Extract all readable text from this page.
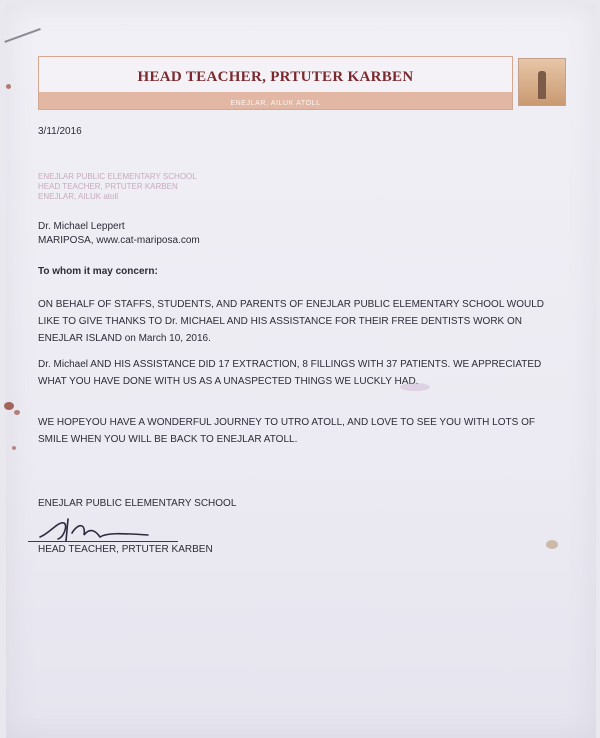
HEAD TEACHER, PRTUTER KARBEN
ENEJLAR, AILUK ATOLL
3/11/2016
ENEJLAR PUBLIC ELEMENTARY SCHOOL
HEAD TEACHER, PRTUTER KARBEN
ENEJLAR, AILUK atoll
Dr. Michael Leppert
MARIPOSA, www.cat-mariposa.com
To whom it may concern:
ON BEHALF OF STAFFS, STUDENTS, AND PARENTS OF ENEJLAR PUBLIC ELEMENTARY SCHOOL WOULD LIKE TO GIVE THANKS TO Dr. MICHAEL AND HIS ASSISTANCE FOR THEIR FREE DENTISTS WORK ON ENEJLAR ISLAND on March 10, 2016.
Dr. Michael AND HIS ASSISTANCE DID 17 EXTRACTION, 8 FILLINGS WITH 37 PATIENTS. WE APPRECIATED WHAT YOU HAVE DONE WITH US AS A UNASPECTED THINGS WE LUCKLY HAD.
WE HOPEYOU HAVE A WONDERFUL JOURNEY TO UTRO ATOLL, AND LOVE TO SEE YOU WITH LOTS OF SMILE WHEN YOU WILL BE BACK TO ENEJLAR ATOLL.
ENEJLAR PUBLIC ELEMENTARY SCHOOL
HEAD TEACHER, PRTUTER KARBEN
